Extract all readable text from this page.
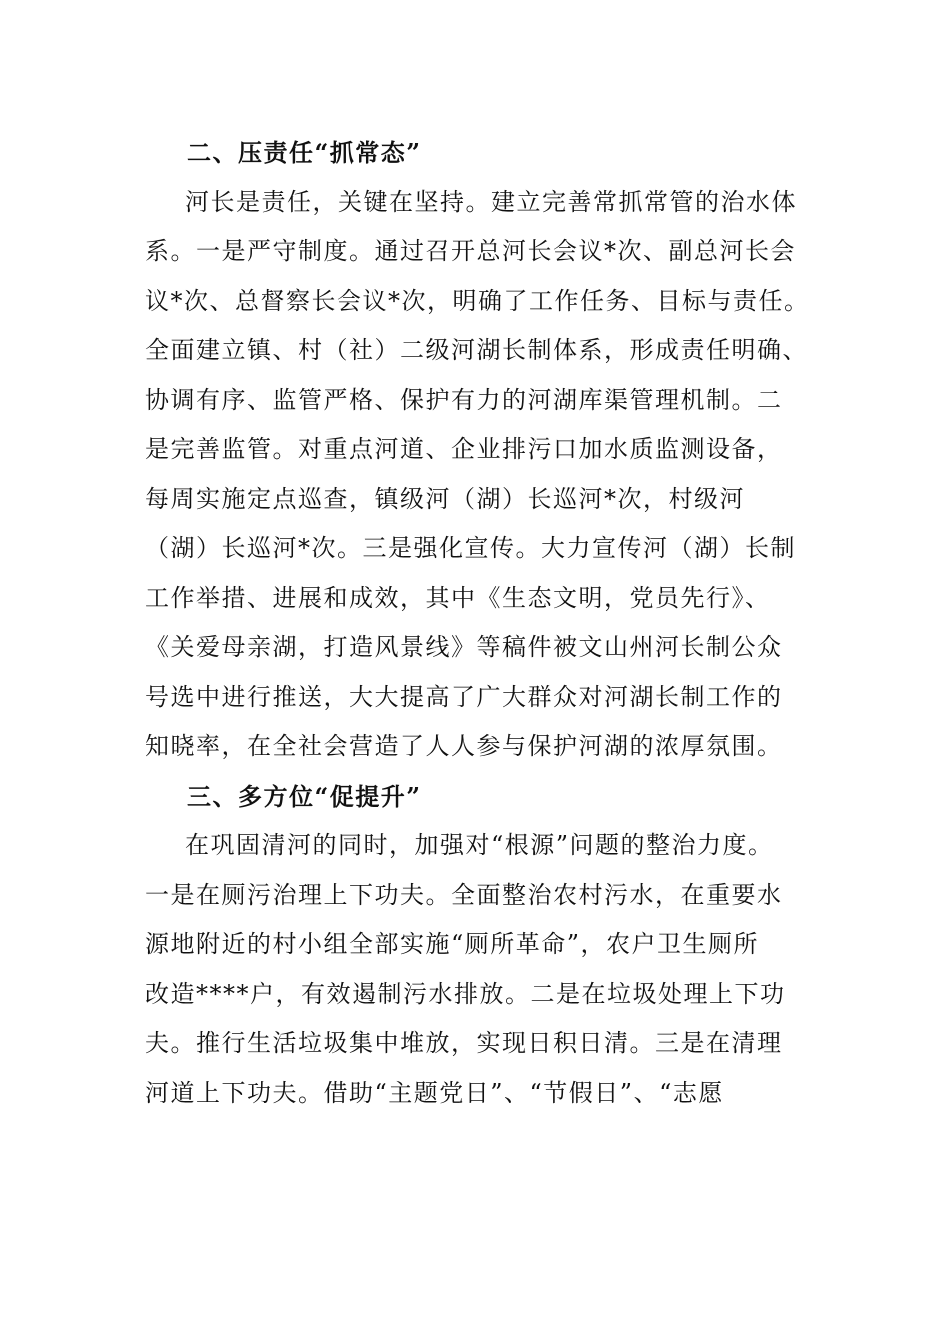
二、压责任“抓常态”
河长是责任，关键在坚持。建立完善常抓常管的治水体
系。一是严守制度。通过召开总河长会议*次、副总河长会
议*次、总督察长会议*次，明确了工作任务、目标与责任。
全面建立镇、村（社）二级河湖长制体系，形成责任明确、
协调有序、监管严格、保护有力的河湖库渠管理机制。二
是完善监管。对重点河道、企业排污口加水质监测设备，
每周实施定点巡查，镇级河（湖）长巡河*次，村级河
（湖）长巡河*次。三是强化宣传。大力宣传河（湖）长制
工作举措、进展和成效，其中《生态文明，党员先行》、
《关爱母亲湖，打造风景线》等稿件被文山州河长制公众
号选中进行推送，大大提高了广大群众对河湖长制工作的
知晓率，在全社会营造了人人参与保护河湖的浓厚氛围。
三、多方位“促提升”
在巩固清河的同时，加强对“根源”问题的整治力度。
一是在厕污治理上下功夫。全面整治农村污水，在重要水
源地附近的村小组全部实施“厕所革命”，农户卫生厕所
改造****户，有效遏制污水排放。二是在垃圾处理上下功
夫。推行生活垃圾集中堆放，实现日积日清。三是在清理
河道上下功夫。借助“主题党日”、“节假日”、“志愿
